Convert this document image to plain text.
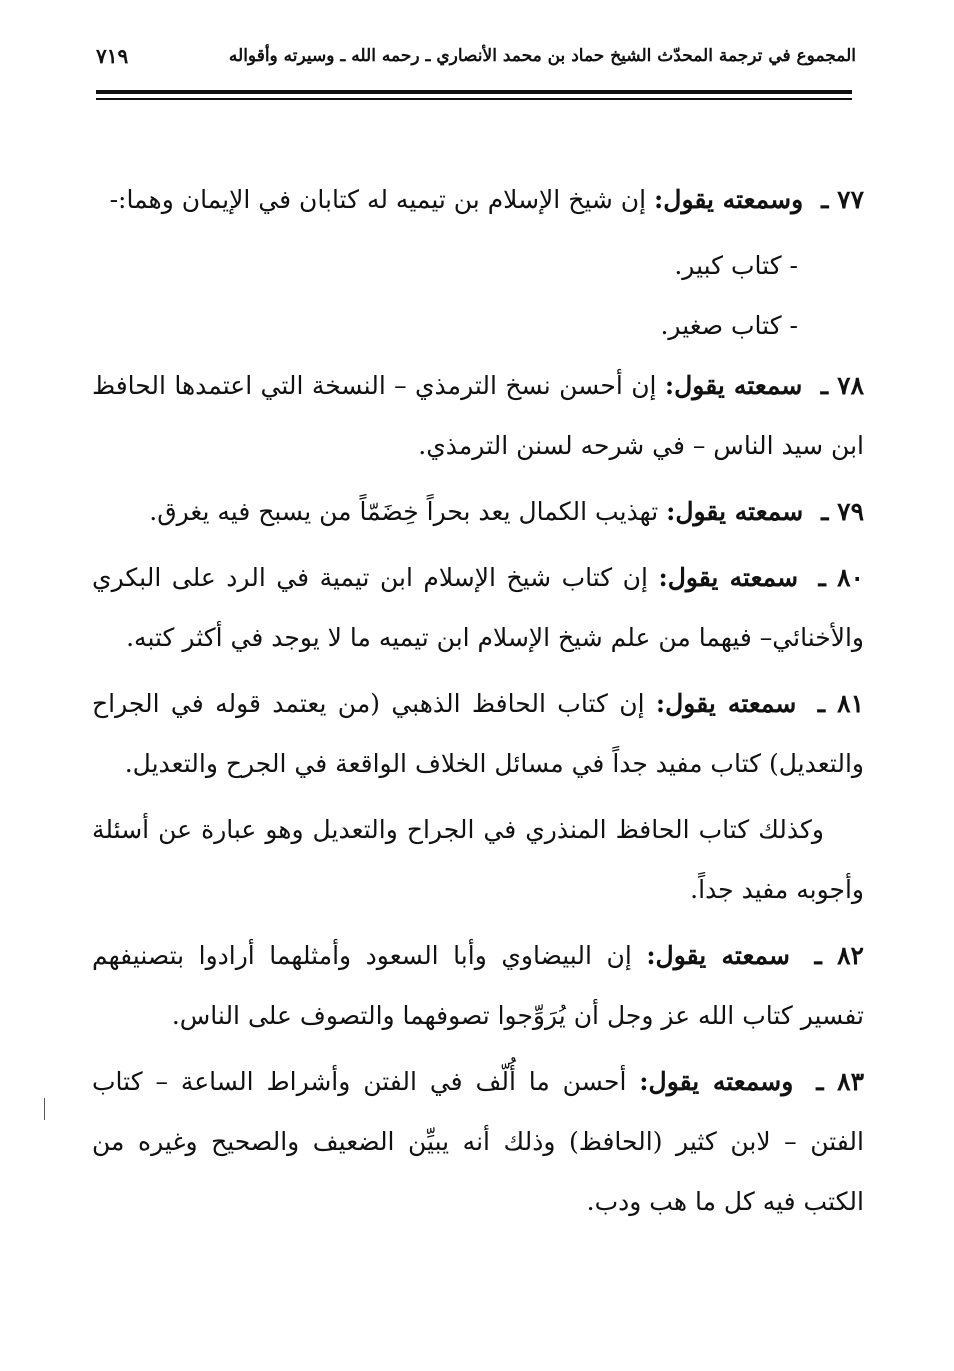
المجموع في ترجمة المحدّث الشيخ حماد بن محمد الأنصاري ـ رحمه الله ـ وسيرته وأقواله
٧١٩

٧٧ ـ وسمعته يقول: إن شيخ الإسلام بن تيميه له كتابان في الإيمان وهما:-

- كتاب كبير.

- كتاب صغير.

٧٨ ـ سمعته يقول: إن أحسن نسخ الترمذي – النسخة التي اعتمدها الحافظ ابن سيد الناس – في شرحه لسنن الترمذي.

٧٩ ـ سمعته يقول: تهذيب الكمال يعد بحراً خِضَمّاً من يسبح فيه يغرق.

٨٠ ـ سمعته يقول: إن كتاب شيخ الإسلام ابن تيمية في الرد على البكري والأخنائي– فيهما من علم شيخ الإسلام ابن تيميه ما لا يوجد في أكثر كتبه.

٨١ ـ سمعته يقول: إن كتاب الحافظ الذهبي (من يعتمد قوله في الجراح والتعديل) كتاب مفيد جداً في مسائل الخلاف الواقعة في الجرح والتعديل.

وكذلك كتاب الحافظ المنذري في الجراح والتعديل وهو عبارة عن أسئلة وأجوبه مفيد جداً.

٨٢ ـ سمعته يقول: إن البيضاوي وأبا السعود وأمثلهما أرادوا بتصنيفهم تفسير كتاب الله عز وجل أن يُرَوِّجوا تصوفهما والتصوف على الناس.

٨٣ ـ وسمعته يقول: أحسن ما أُلّف في الفتن وأشراط الساعة – كتاب الفتن – لابن كثير (الحافظ) وذلك أنه يبيِّن الضعيف والصحيح وغيره من الكتب فيه كل ما هب ودب.
